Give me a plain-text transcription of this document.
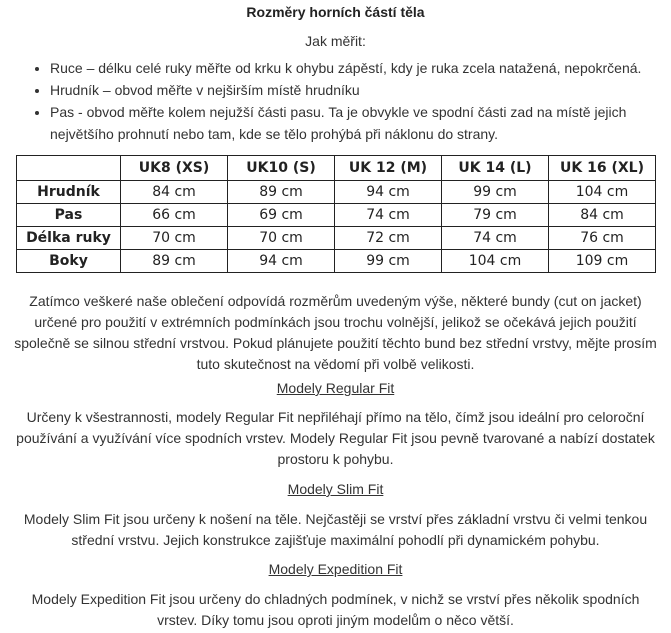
Rozměry horních částí těla
Jak měřit:
• Ruce – délku celé ruky měřte od krku k ohybu zápěstí, kdy je ruka zcela natažená, nepokrčená.
• Hrudník – obvod měřte v nejširším místě hrudníku
• Pas - obvod měřte kolem nejužší části pasu. Ta je obvykle ve spodní části zad na místě jejich největšího prohnutí nebo tam, kde se tělo prohýbá při náklonu do strany.
	UK8 (XS)	UK10 (S)	UK 12 (M)	UK 14 (L)	UK 16 (XL)
Hrudník	84 cm	89 cm	94 cm	99 cm	104 cm
Pas	66 cm	69 cm	74 cm	79 cm	84 cm
Délka ruky	70 cm	70 cm	72 cm	74 cm	76 cm
Boky	89 cm	94 cm	99 cm	104 cm	109 cm

Zatímco veškeré naše oblečení odpovídá rozměrům uvedeným výše, některé bundy (cut on jacket) určené pro použití v extrémních podmínkách jsou trochu volnější, jelikož se očekává jejich použití společně se silnou střední vrstvou. Pokud plánujete použití těchto bund bez střední vrstvy, mějte prosím tuto skutečnost na vědomí při volbě velikosti.

Modely Regular Fit

Určeny k všestrannosti, modely Regular Fit nepřiléhají přímo na tělo, čímž jsou ideální pro celoroční používání a využívání více spodních vrstev. Modely Regular Fit jsou pevně tvarované a nabízí dostatek prostoru k pohybu.

Modely Slim Fit

Modely Slim Fit jsou určeny k nošení na těle. Nejčastěji se vrství přes základní vrstvu či velmi tenkou střední vrstvu. Jejich konstrukce zajišťuje maximální pohodlí při dynamickém pohybu.

Modely Expedition Fit

Modely Expedition Fit jsou určeny do chladných podmínek, v nichž se vrství přes několik spodních vrstev. Díky tomu jsou oproti jiným modelům o něco větší.
